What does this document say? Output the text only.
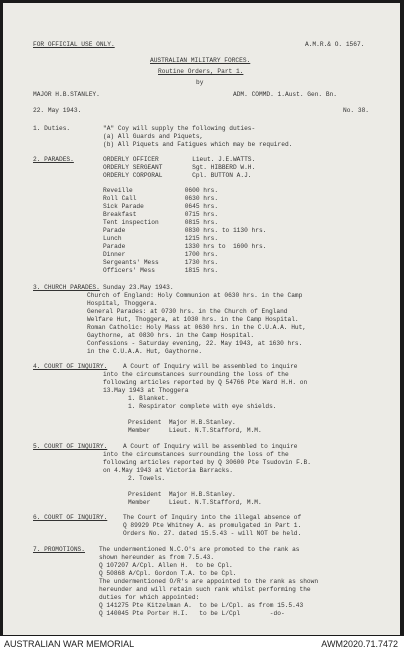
FOR OFFICIAL USE ONLY.

	A.M.R.& O. 1567.

AUSTRALIAN MILITARY FORCES.

Routine Orders, Part 1.

by

MAJOR H.B.STANLEY.

	ADM. COMMD. 1.Aust. Gen. Bn.

22. May 1943.

	No. 38.

1. Duties.

	"A" Coy will supply the following duties-

(a) All Guards and Piquets,

(b) All Piquets and Fatigues which may be required.

2. PARADES.

	ORDERLY OFFICER         Lieut. J.E.WATTS.

ORDERLY SERGEANT        Sgt. HIBBERD W.H.

ORDERLY CORPORAL        Cpl. BUTTON A.J.

Reveille              0600 hrs.

Roll Call             0630 hrs.

Sick Parade           0645 hrs.

Breakfast             0715 hrs.

Tent inspection       0815 hrs.

Parade                0830 hrs. to 1130 hrs.

Lunch                 1215 hrs.

Parade                1330 hrs to  1600 hrs.

Dinner                1700 hrs.

Sergeants' Mess       1730 hrs.

Officers' Mess        1815 hrs.

3. CHURCH PARADES.

Sunday 23.May 1943.

Church of England: Holy Communion at 0630 hrs. in the Camp

Hospital, Thoggera.

General Parades: at 0730 hrs. in the Church of England

Welfare Hut, Thoggera, at 1030 hrs. in the Camp Hospital.

Roman Catholic: Holy Mass at 0630 hrs. in the C.U.A.A. Hut,

Gaythorne, at 0830 hrs. in the Camp Hospital.

Confessions - Saturday evening, 22. May 1943, at 1630 hrs.

in the C.U.A.A. Hut, Gaythorne.

4. COURT OF INQUIRY.

	A Court of Inquiry will be assembled to inquire

into the circumstances surrounding the loss of the

following articles reported by Q 54766 Pte Ward H.H. on

13.May 1943 at Thoggera

1. Blanket.

1. Respirator complete with eye shields.

President  Major H.B.Stanley.

Member     Lieut. N.T.Stafford, M.M.

5. COURT OF INQUIRY.

	A Court of Inquiry will be assembled to inquire

into the circumstances surrounding the loss of the

following articles reported by Q 30600 Pte Tsudovin F.B.

on 4.May 1943 at Victoria Barracks.

2. Towels.

President  Major H.B.Stanley.

Member     Lieut. N.T.Stafford, M.M.

6. COURT OF INQUIRY.

	The Court of Inquiry into the illegal absence of

Q 89929 Pte Whitney A. as promulgated in Part 1.

Orders No. 27. dated 15.5.43 - will NOT be held.

7. PROMOTIONS.

The undermentioned N.C.O's are promoted to the rank as

shown hereunder as from 7.5.43.

Q 107207 A/Cpl. Allen H.  to be Cpl.

Q 50868 A/Cpl. Gordon T.A. to be Cpl.

The undermentioned O/R's are appointed to the rank as shown

hereunder and will retain such rank whilst performing the

duties for which appointed:

Q 141275 Pte Kitzelman A.  to be L/Cpl. as from 15.5.43

Q 140045 Pte Porter H.I.   to be L/Cpl        -do-

AUSTRALIAN WAR MEMORIAL	AWM2020.71.7472
